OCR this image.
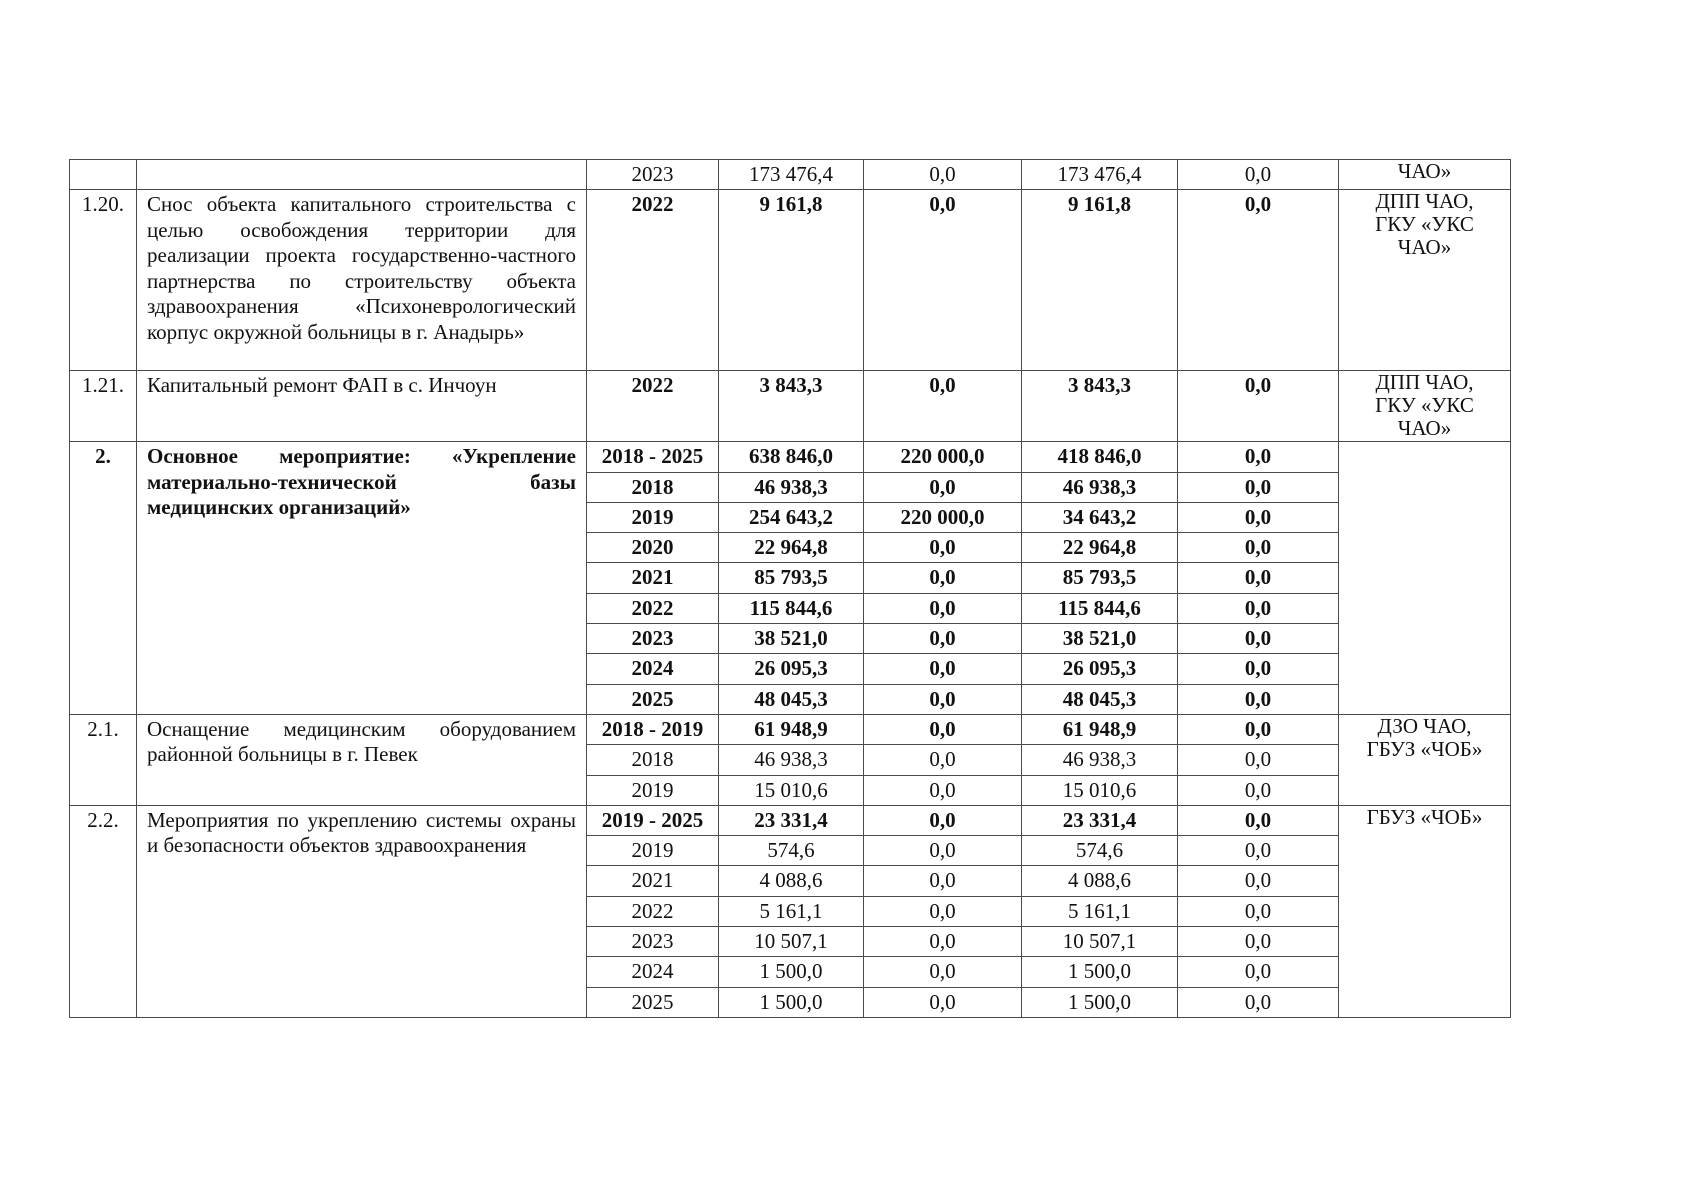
		2023	173 476,4	0,0	173 476,4	0,0	ЧАО»
1.20.	Снос объекта капитального строительства с целью освобождения территории для реализации проекта государственно-частного партнерства по строительству объекта здравоохранения «Психоневрологический корпус окружной больницы в г. Анадырь»	2022	9 161,8	0,0	9 161,8	0,0	ДПП ЧАО, ГКУ «УКС ЧАО»
1.21.	Капитальный ремонт ФАП в с. Инчоун	2022	3 843,3	0,0	3 843,3	0,0	ДПП ЧАО, ГКУ «УКС ЧАО»
2.	Основное мероприятие: «Укрепление материально-технической базы медицинских организаций»	2018 - 2025	638 846,0	220 000,0	418 846,0	0,0	
		2018	46 938,3	0,0	46 938,3	0,0	
		2019	254 643,2	220 000,0	34 643,2	0,0	
		2020	22 964,8	0,0	22 964,8	0,0	
		2021	85 793,5	0,0	85 793,5	0,0	
		2022	115 844,6	0,0	115 844,6	0,0	
		2023	38 521,0	0,0	38 521,0	0,0	
		2024	26 095,3	0,0	26 095,3	0,0	
		2025	48 045,3	0,0	48 045,3	0,0	
2.1.	Оснащение медицинским оборудованием районной больницы в г. Певек	2018 - 2019	61 948,9	0,0	61 948,9	0,0	ДЗО ЧАО, ГБУЗ «ЧОБ»
		2018	46 938,3	0,0	46 938,3	0,0	
		2019	15 010,6	0,0	15 010,6	0,0	
2.2.	Мероприятия по укреплению системы охраны и безопасности объектов здравоохранения	2019 - 2025	23 331,4	0,0	23 331,4	0,0	ГБУЗ «ЧОБ»
		2019	574,6	0,0	574,6	0,0	
		2021	4 088,6	0,0	4 088,6	0,0	
		2022	5 161,1	0,0	5 161,1	0,0	
		2023	10 507,1	0,0	10 507,1	0,0	
		2024	1 500,0	0,0	1 500,0	0,0	
		2025	1 500,0	0,0	1 500,0	0,0	
